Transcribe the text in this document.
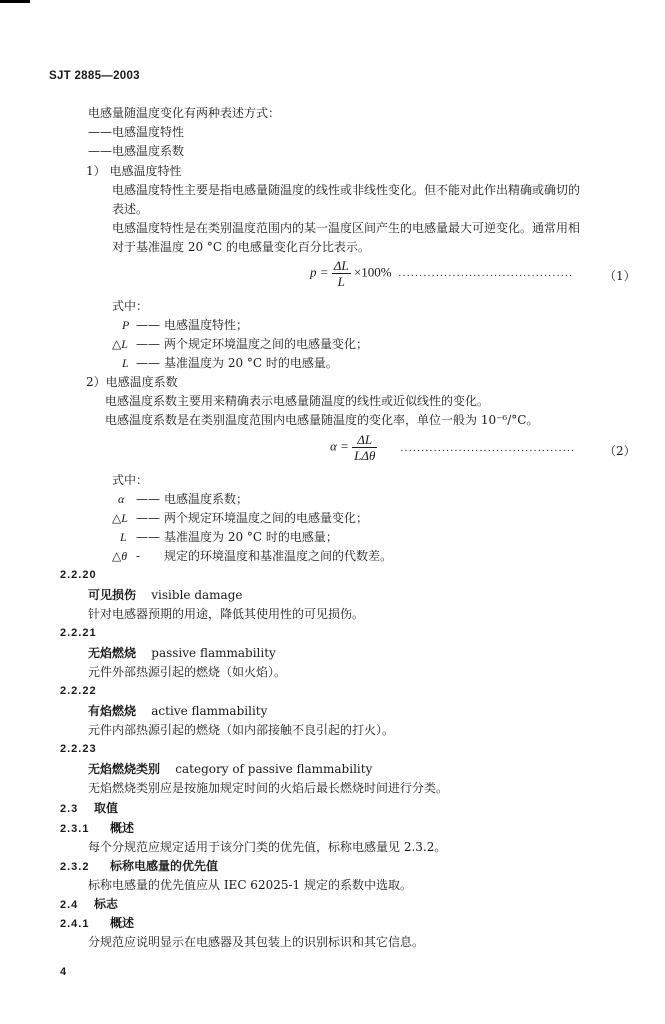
SJT 2885—2003
电感量随温度变化有两种表述方式：
——电感温度特性
——电感温度系数
1） 电感温度特性
电感温度特性主要是指电感量随温度的线性或非线性变化。但不能对此作出精确或确切的
表述。
电感温度特性是在类别温度范围内的某一温度区间产生的电感量最大可逆变化。通常用相
对于基准温度 20 °C 的电感量变化百分比表示。
$p = \frac{\Delta L}{L} \times 100\%$ ··········································	（1）
式中：
P —— 电感温度特性；
△L —— 两个规定环境温度之间的电感量变化；
L —— 基准温度为 20 °C 时的电感量。
2）电感温度系数
电感温度系数主要用来精确表示电感量随温度的线性或近似线性的变化。
电感温度系数是在类别温度范围内电感量随温度的变化率，单位一般为 10⁻⁶/°C。
$\alpha = \frac{\Delta L}{\text{LΔθ}}$ ·········································· （2）
式中：
α —— 电感温度系数；
△L —— 两个规定环境温度之间的电感量变化；
L —— 基准温度为 20 °C 时的电感量；
△θ - 规定的环境温度和基准温度之间的代数差。
2.2.20
可见损伤 visible damage
针对电感器预期的用途，降低其使用性的可见损伤。
2.2.21
无焰燃烧 passive flammability
元件外部热源引起的燃烧（如火焰）。
2.2.22
有焰燃烧 active flammability
元件内部热源引起的燃烧（如内部接触不良引起的打火）。
2.2.23
无焰燃烧类别 category of passive flammability
无焰燃烧类别应是按施加规定时间的火焰后最长燃烧时间进行分类。
2.3 取值
2.3.1 概述
每个分规范应规定适用于该分门类的优先值，标称电感量见 2.3.2。
2.3.2 标称电感量的优先值
标称电感量的优先值应从 IEC 62025-1 规定的系数中选取。
2.4 标志
2.4.1 概述
分规范应说明显示在电感器及其包装上的识别标识和其它信息。
4
